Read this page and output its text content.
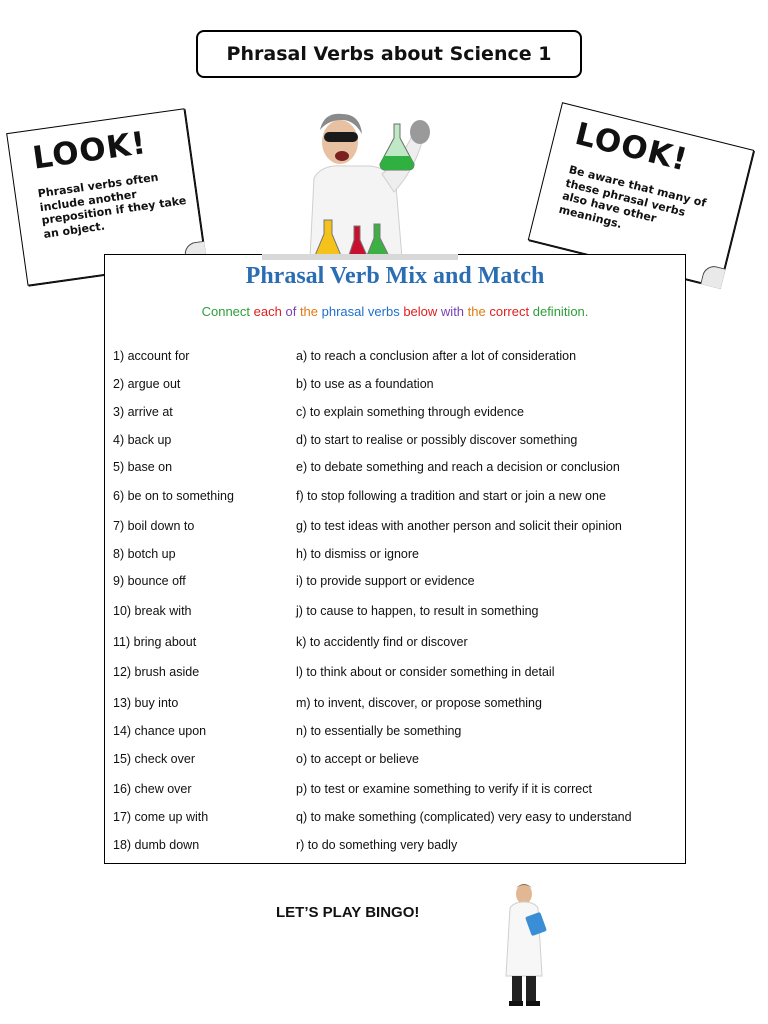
Phrasal Verbs about Science 1
LOOK!
Phrasal verbs often include another preposition if they take an object.
LOOK!
Be aware that many of these phrasal verbs also have other meanings.
Phrasal Verb Mix and Match
Connect each of the phrasal verbs below with the correct definition.
1) account for	a) to reach a conclusion after a lot of consideration
2) argue out	b) to use as a foundation
3) arrive at	c) to explain something through evidence
4) back up	d) to start to realise or possibly discover something
5) base on	e) to debate something and reach a decision or conclusion
6) be on to something	f) to stop following a tradition and start or join a new one
7) boil down to	g) to test ideas with another person and solicit their opinion
8) botch up	h) to dismiss or ignore
9) bounce off	i) to provide support or evidence
10) break with	j) to cause to happen, to result in something
11) bring about	k) to accidently find or discover
12) brush aside	l) to think about or consider something in detail
13) buy into	m) to invent, discover, or propose something
14) chance upon	n) to essentially be something
15) check over	o) to accept or believe
16) chew over	p) to test or examine something to verify if it is correct
17) come up with	q) to make something (complicated) very easy to understand
18) dumb down	r) to do something very badly
LET’S PLAY BINGO!
